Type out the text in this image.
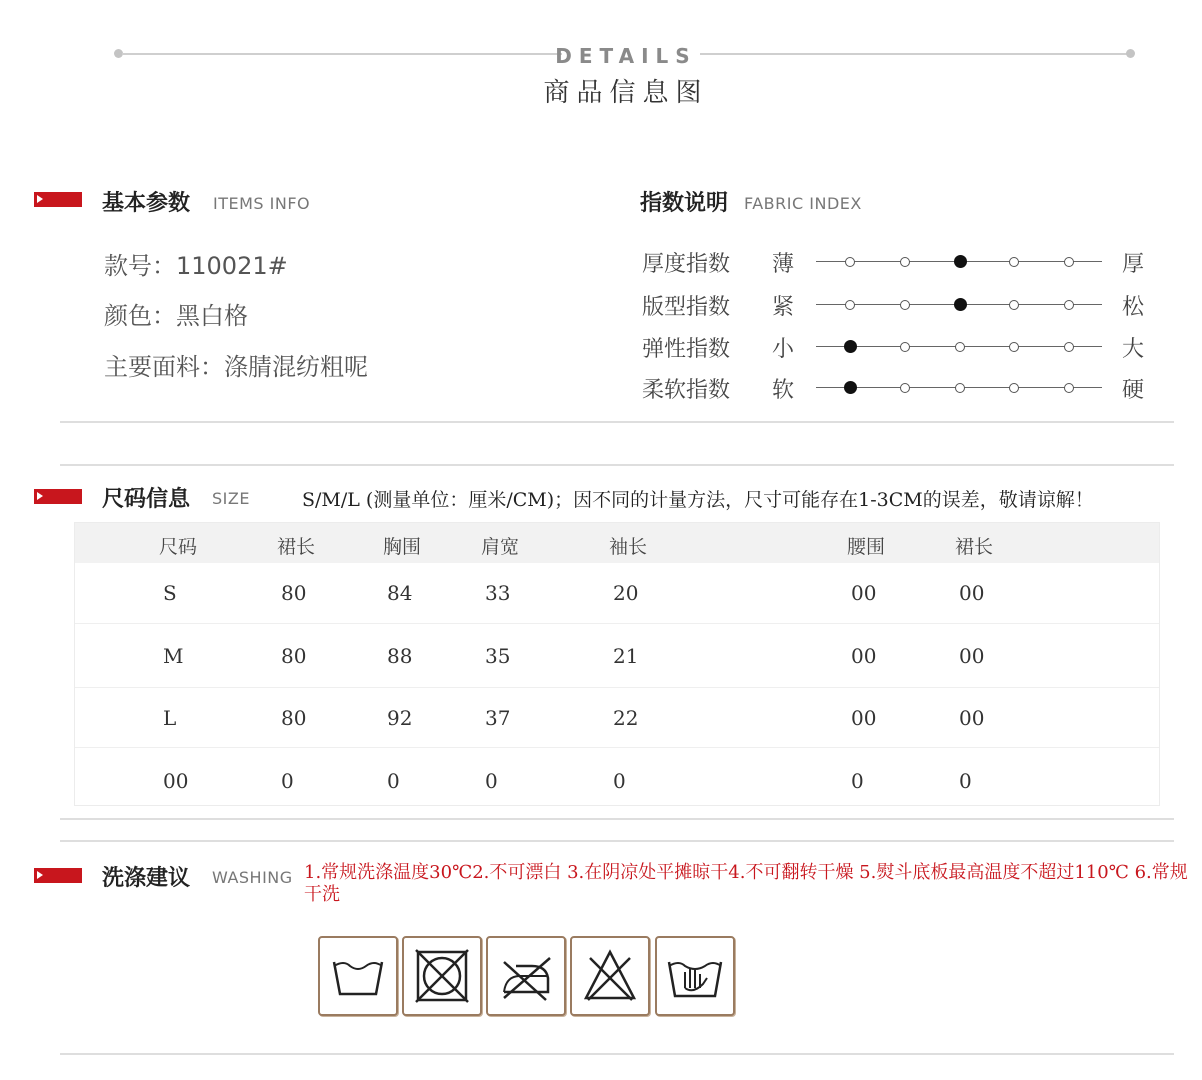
DETAILS
商品信息图
基本参数 ITEMS INFO
款号：110021#
颜色：黑白格
主要面料：涤腈混纺粗呢
指数说明 FABRIC INDEX
厚度指数 薄	厚
版型指数 紧	松
弹性指数 小	大
柔软指数 软	硬
尺码信息 SIZE	S/M/L (测量单位：厘米/CM)；因不同的计量方法，尺寸可能存在1-3CM的误差，敬请谅解！
尺码	裙长	胸围	肩宽	袖长	腰围	裙长
S	80	84	33	20	00	00
M	80	88	35	21	00	00
L	80	92	37	22	00	00
00	0	0	0	0	0	0
洗涤建议 WASHING 1.常规洗涤温度30℃2.不可漂白 3.在阴凉处平摊晾干4.不可翻转干燥 5.熨斗底板最高温度不超过110℃ 6.常规干洗
